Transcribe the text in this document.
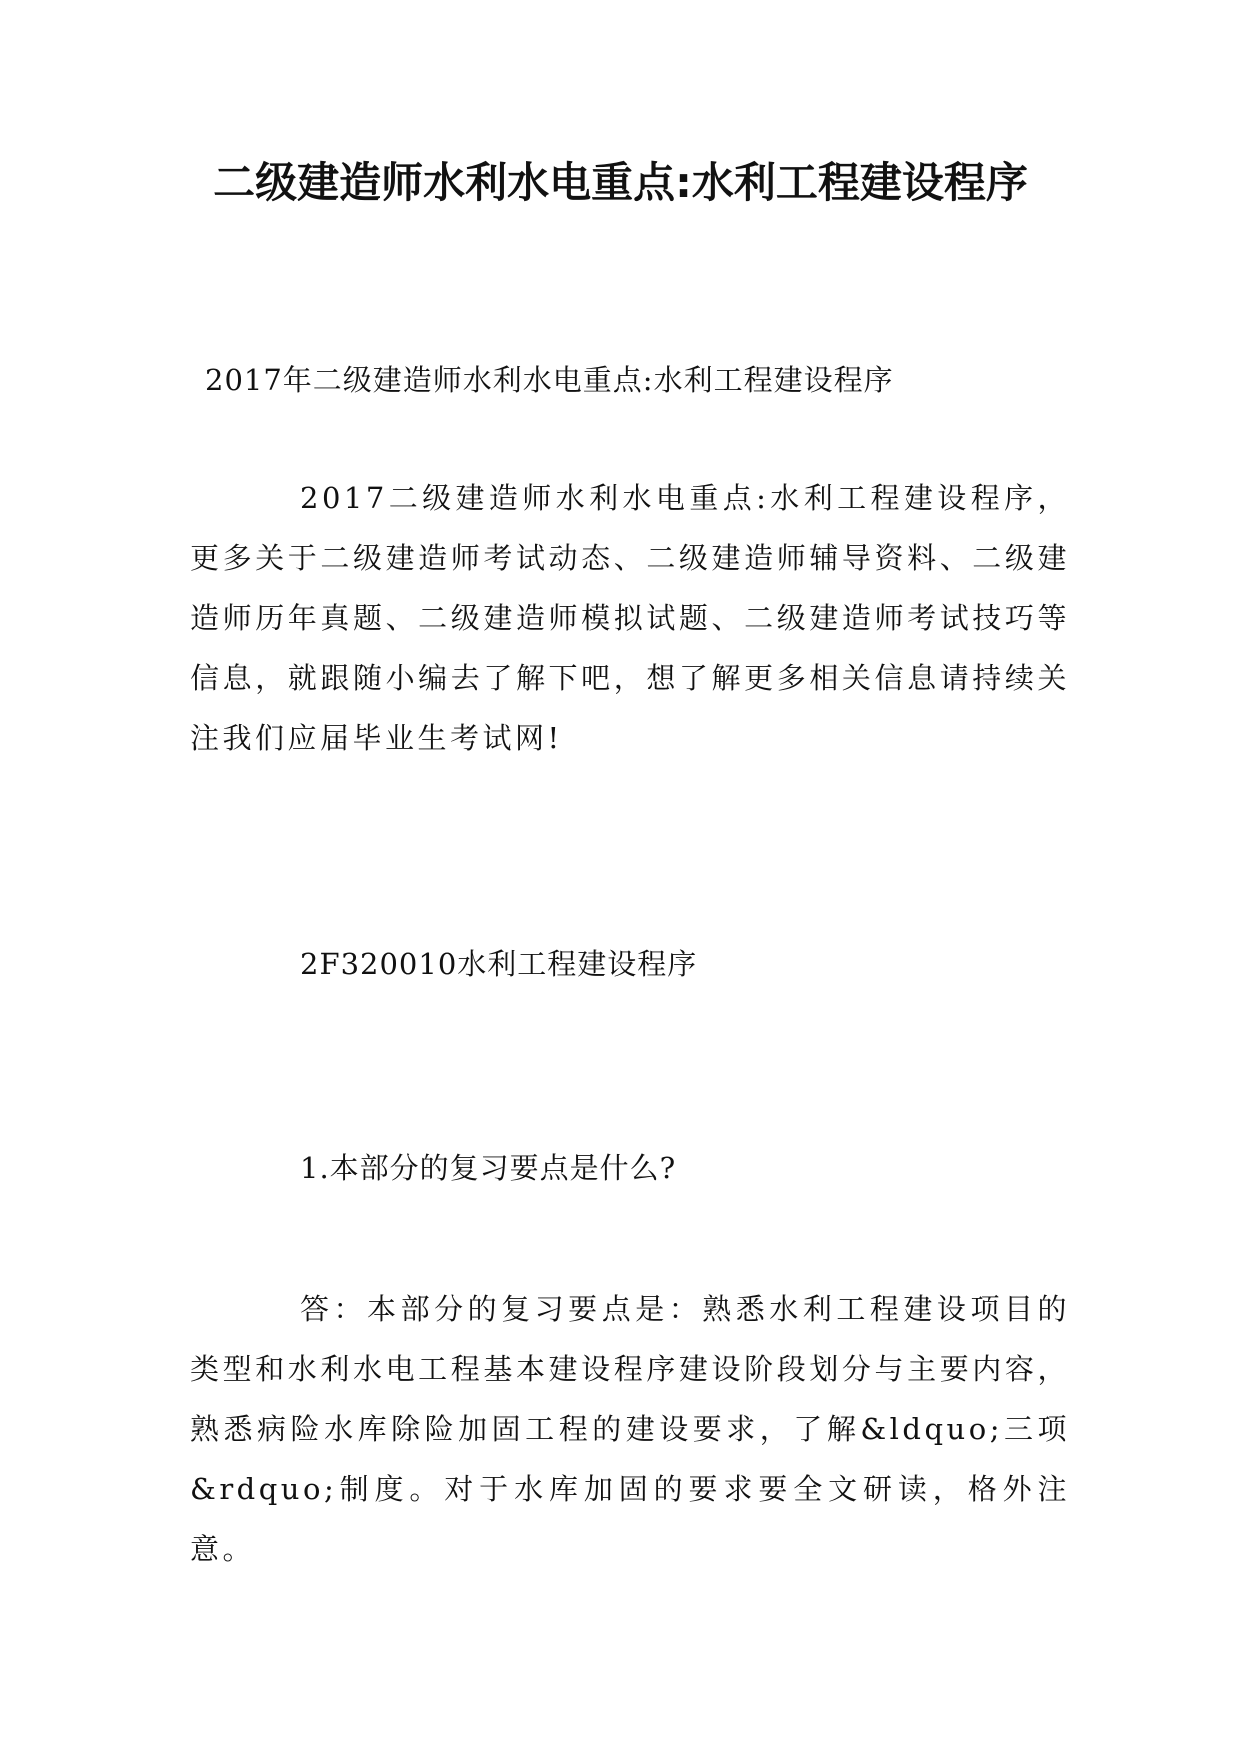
二级建造师水利水电重点:水利工程建设程序

2017年二级建造师水利水电重点:水利工程建设程序

2017二级建造师水利水电重点:水利工程建设程序，更多关于二级建造师考试动态、二级建造师辅导资料、二级建造师历年真题、二级建造师模拟试题、二级建造师考试技巧等信息，就跟随小编去了解下吧，想了解更多相关信息请持续关注我们应届毕业生考试网!

2F320010水利工程建设程序

1.本部分的复习要点是什么?

答：本部分的复习要点是：熟悉水利工程建设项目的类型和水利水电工程基本建设程序建设阶段划分与主要内容，熟悉病险水库除险加固工程的建设要求，了解&ldquo;三项&rdquo;制度。对于水库加固的要求要全文研读，格外注意。
